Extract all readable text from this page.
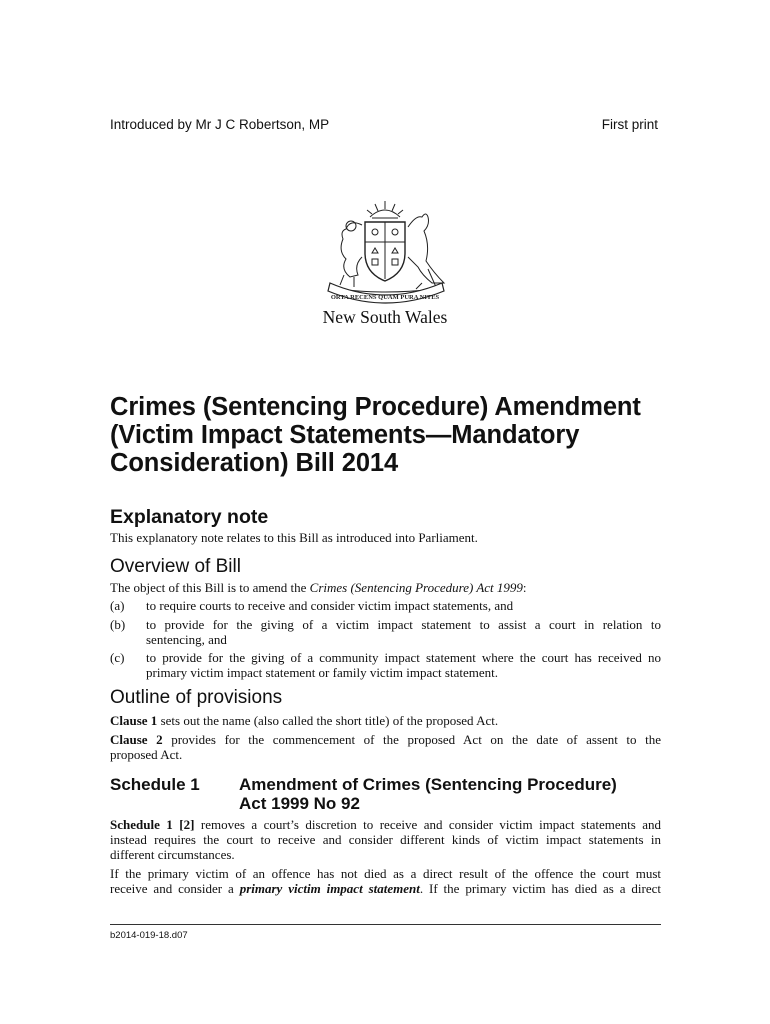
Introduced by Mr J C Robertson, MP	First print
ORTA RECENS QUAM PURA NITES
New South Wales
Crimes (Sentencing Procedure) Amendment
(Victim Impact Statements—Mandatory
Consideration) Bill 2014
Explanatory note
This explanatory note relates to this Bill as introduced into Parliament.
Overview of Bill
The object of this Bill is to amend the Crimes (Sentencing Procedure) Act 1999:
(a) to require courts to receive and consider victim impact statements, and
(b) to provide for the giving of a victim impact statement to assist a court in relation to
sentencing, and
(c) to provide for the giving of a community impact statement where the court has received no
primary victim impact statement or family victim impact statement.
Outline of provisions
Clause 1 sets out the name (also called the short title) of the proposed Act.
Clause 2 provides for the commencement of the proposed Act on the date of assent to the
proposed Act.
Schedule 1 Amendment of Crimes (Sentencing Procedure)
Act 1999 No 92
Schedule 1 [2] removes a court’s discretion to receive and consider victim impact statements and
instead requires the court to receive and consider different kinds of victim impact statements in
different circumstances.
If the primary victim of an offence has not died as a direct result of the offence the court must
receive and consider a primary victim impact statement. If the primary victim has died as a direct
b2014-019-18.d07
